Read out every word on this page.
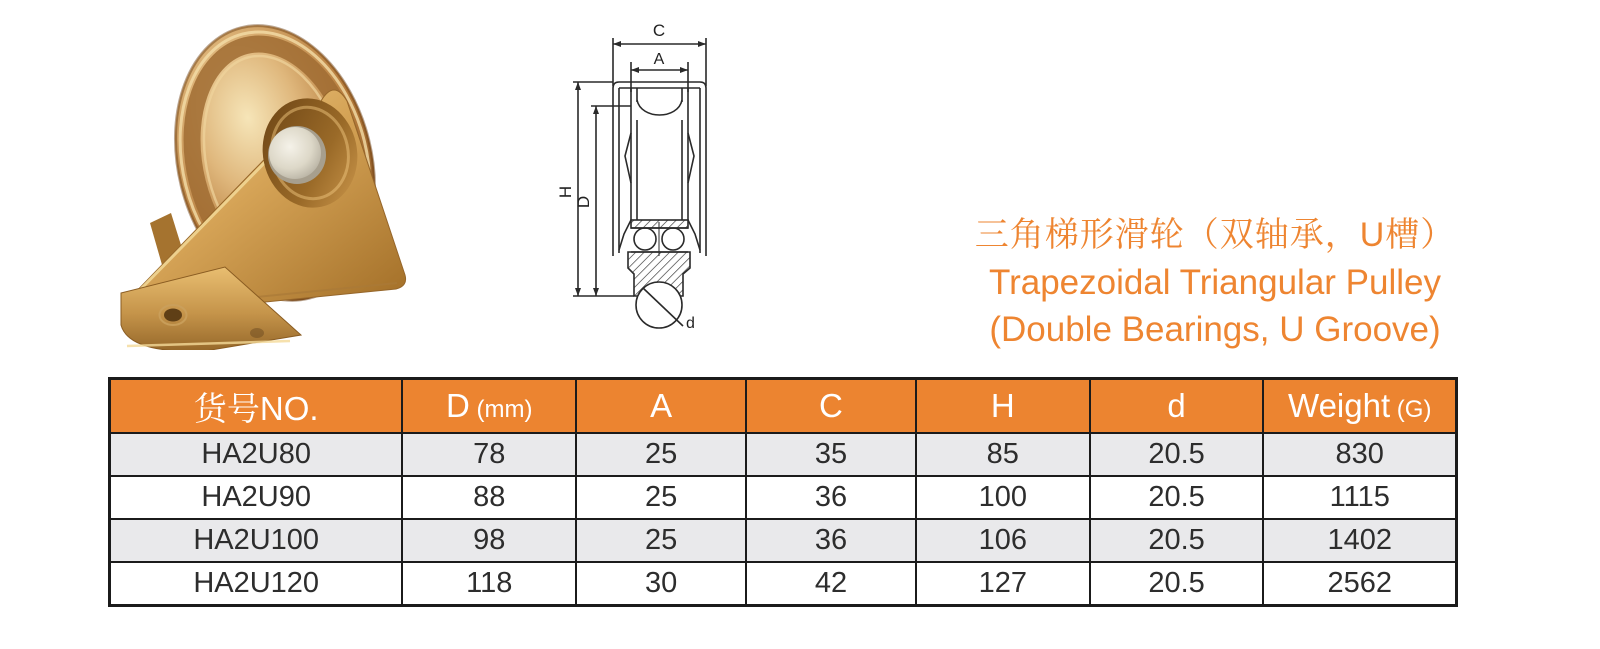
C
A
H
D
d
三角梯形滑轮（双轴承，U槽）
Trapezoidal Triangular Pulley
(Double Bearings, U Groove)
货号NO.	D (mm)	A	C	H	d	Weight (G)
HA2U80	78	25	35	85	20.5	830
HA2U90	88	25	36	100	20.5	1115
HA2U100	98	25	36	106	20.5	1402
HA2U120	118	30	42	127	20.5	2562
